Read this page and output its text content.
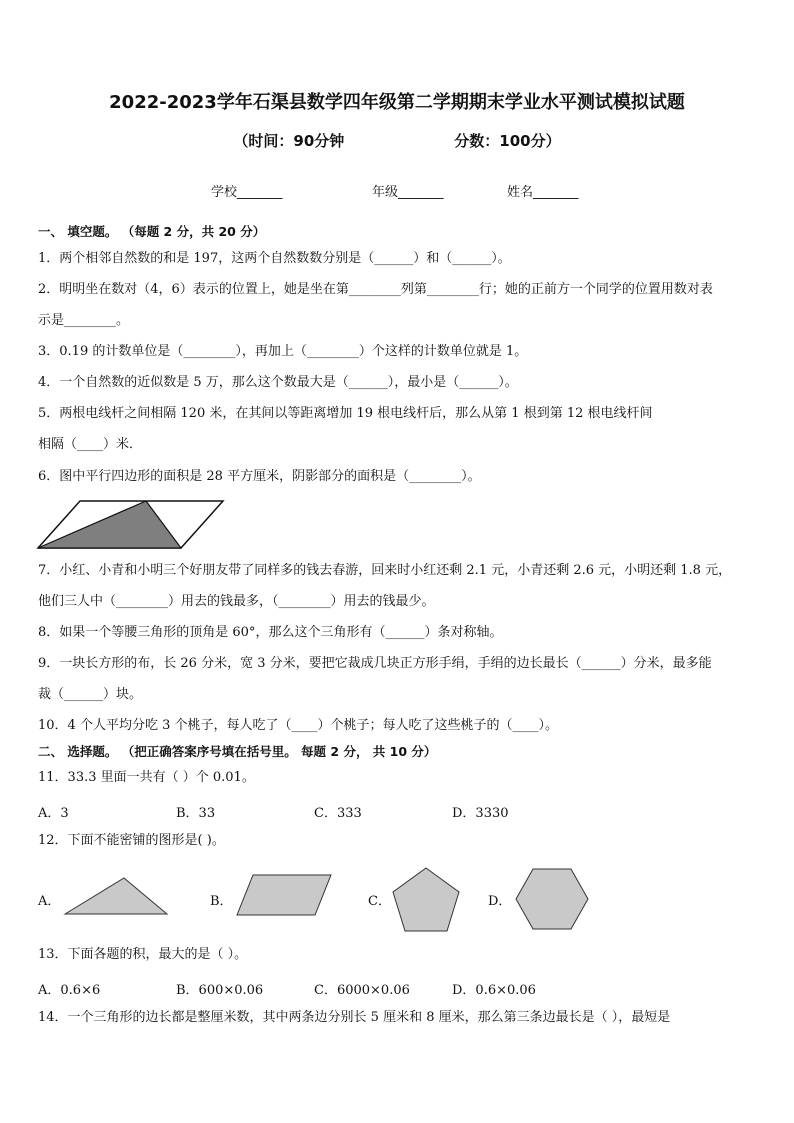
2022-2023学年石渠县数学四年级第二学期期末学业水平测试模拟试题
（时间：90分钟	分数：100分）
学校_______	年级_______	姓名_______
一、 填空题。 （每题 2 分，共 20 分）
1．两个相邻自然数的和是 197，这两个自然数数分别是（______）和（______）。
2．明明坐在数对（4，6）表示的位置上，她是坐在第________列第________行；她的正前方一个同学的位置用数对表
示是________。
3．0.19 的计数单位是（________），再加上（________）个这样的计数单位就是 1。
4．一个自然数的近似数是 5 万，那么这个数最大是（______），最小是（______）。
5．两根电线杆之间相隔 120 米，在其间以等距离增加 19 根电线杆后，那么从第 1 根到第 12 根电线杆间
相隔（____）米．
6．图中平行四边形的面积是 28 平方厘米，阴影部分的面积是（________）。
7．小红、小青和小明三个好朋友带了同样多的钱去春游，回来时小红还剩 2.1 元，小青还剩 2.6 元，小明还剩 1.8 元，
他们三人中（________）用去的钱最多，（________）用去的钱最少。
8．如果一个等腰三角形的顶角是 60°，那么这个三角形有（______）条对称轴。
9．一块长方形的布，长 26 分米，宽 3 分米，要把它裁成几块正方形手绢，手绢的边长最长（______）分米，最多能
裁（______）块。
10．4 个人平均分吃 3 个桃子，每人吃了（____）个桃子；每人吃了这些桃子的（____）。
二、 选择题。 （把正确答案序号填在括号里。 每题 2 分， 共 10 分）
11．33.3 里面一共有（ ）个 0.01。
A．3	B．33	C．333	D．3330
12．下面不能密铺的图形是( )。
A．	B．	C．	D．
13．下面各题的积，最大的是（ ）。
A．0.6×6	B．600×0.06	C．6000×0.06	D．0.6×0.06
14．一个三角形的边长都是整厘米数，其中两条边分别长 5 厘米和 8 厘米，那么第三条边最长是（ ），最短是
